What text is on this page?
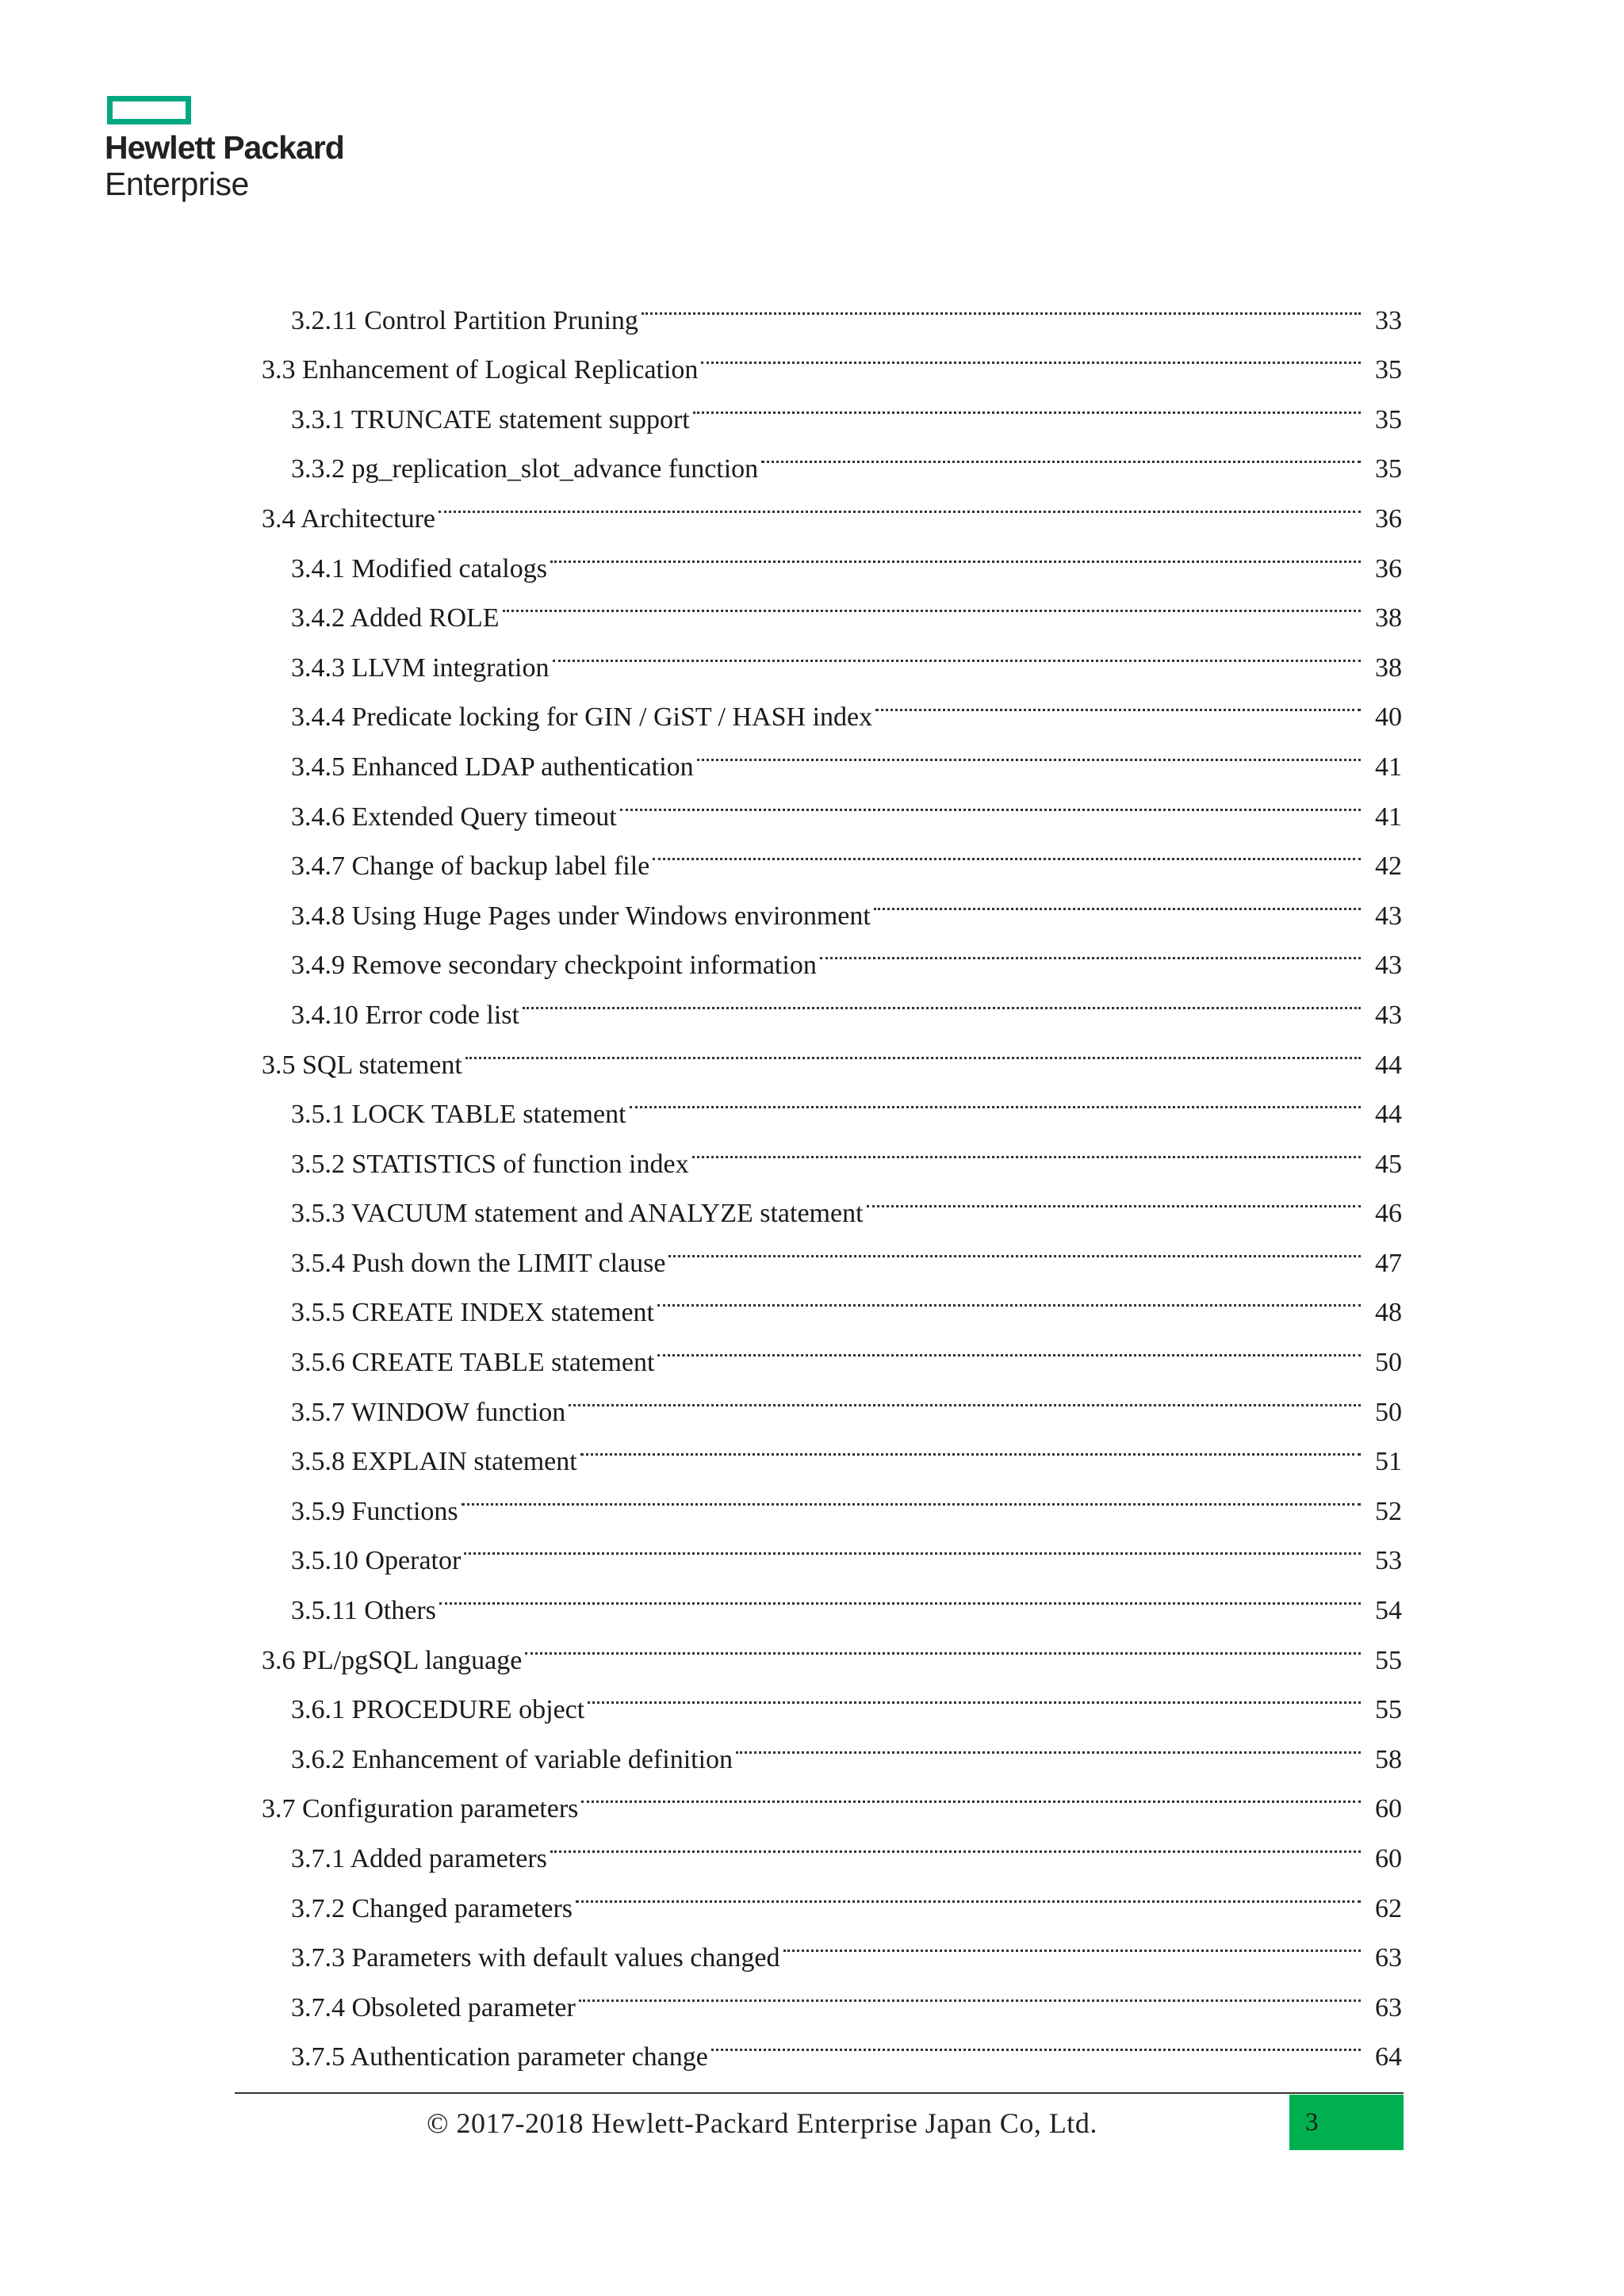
Hewlett Packard
Enterprise
3.2.11 Control Partition Pruning	33
3.3 Enhancement of Logical Replication	35
3.3.1 TRUNCATE statement support	35
3.3.2 pg_replication_slot_advance function	35
3.4 Architecture	36
3.4.1 Modified catalogs	36
3.4.2 Added ROLE	38
3.4.3 LLVM integration	38
3.4.4 Predicate locking for GIN / GiST / HASH index	40
3.4.5 Enhanced LDAP authentication	41
3.4.6 Extended Query timeout	41
3.4.7 Change of backup label file	42
3.4.8 Using Huge Pages under Windows environment	43
3.4.9 Remove secondary checkpoint information	43
3.4.10 Error code list	43
3.5 SQL statement	44
3.5.1 LOCK TABLE statement	44
3.5.2 STATISTICS of function index	45
3.5.3 VACUUM statement and ANALYZE statement	46
3.5.4 Push down the LIMIT clause	47
3.5.5 CREATE INDEX statement	48
3.5.6 CREATE TABLE statement	50
3.5.7 WINDOW function	50
3.5.8 EXPLAIN statement	51
3.5.9 Functions	52
3.5.10 Operator	53
3.5.11 Others	54
3.6 PL/pgSQL language	55
3.6.1 PROCEDURE object	55
3.6.2 Enhancement of variable definition	58
3.7 Configuration parameters	60
3.7.1 Added parameters	60
3.7.2 Changed parameters	62
3.7.3 Parameters with default values changed	63
3.7.4 Obsoleted parameter	63
3.7.5 Authentication parameter change	64
© 2017-2018 Hewlett-Packard Enterprise Japan Co, Ltd.	3
